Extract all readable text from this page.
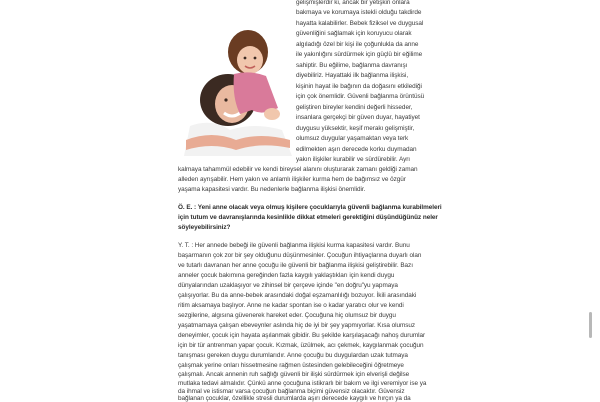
gelişmişlerdir ki, ancak bir yetişkin onlara
bakmaya ve korumaya istekli olduğu takdirde
hayatta kalabilirler. Bebek fiziksel ve duygusal
güvenliğini sağlamak için koruyucu olarak
algıladığı özel bir kişi ile çoğunlukla da anne
ile yakınlığını sürdürmek için güçlü bir eğilime
sahiptir. Bu eğilime, bağlanma davranışı
diyebiliriz. Hayattaki ilk bağlanma ilişkisi,
kişinin hayat ile bağının da doğasını etkilediği
için çok önemlidir. Güvenli bağlanma örüntüsü
geliştiren bireyler kendini değerli hisseder,
insanlara gerçekçi bir güven duyar, hayatiyet
duygusu yüksektir, keşif merakı gelişmiştir,
olumsuz duygular yaşamaktan veya terk
edilmekten aşırı derecede korku duymadan
yakın ilişkiler kurabilir ve sürdürebilir. Ayrı
kalmaya tahammül edebilir ve kendi bireysel alanını oluşturarak zamanı geldiği zaman
alleden ayrışabilir. Hem yakın ve anlamlı ilişkiler kurma hem de bağımsız ve özgür
yaşama kapasitesi vardır. Bu nedenlerle bağlanma ilişkisi önemlidir.
Ö. E. : Yeni anne olacak veya olmuş kişilere çocuklarıyla güvenli bağlanma kurabilmeleri
için tutum ve davranışlarında kesinlikle dikkat etmeleri gerektiğini düşündüğünüz neler
söyleyebilirsiniz?
Y. T. : Her annede bebeği ile güvenli bağlanma ilişkisi kurma kapasitesi vardır. Bunu
başarmanın çok zor bir şey olduğunu düşünmesinler. Çocuğun ihtiyaçlarına duyarlı olan
ve tutarlı davranan her anne çocuğu ile güvenli bir bağlanma ilişkisi geliştirebilir. Bazı
anneler çocuk bakımına gereğinden fazla kaygılı yaklaştıkları için kendi duygu
dünyalarından uzaklaşıyor ve zihinsel bir çerçeve içinde "en doğru"yu yapmaya
çalışıyorlar. Bu da anne-bebek arasındaki doğal eşzamanlılığı bozuyor. İkili arasındaki
ritim aksamaya başlıyor. Anne ne kadar spontan ise o kadar yaratıcı olur ve kendi
sezgilerine, algısına güvenerek hareket eder. Çocuğuna hiç olumsuz bir duygu
yaşatmamaya çalışan ebeveynler aslında hiç de iyi bir şey yapmıyorlar. Kısa olumsuz
deneyimler, çocuk için hayata aşılanmak gibidir. Bu şekilde karşılaşacağı nahoş durumlar
için bir tür antrenman yapar çocuk. Kızmak, üzülmek, acı çekmek, kaygılanmak çocuğun
tanışması gereken duygu durumlarıdır. Anne çocuğu bu duygulardan uzak tutmaya
çalışmak yerine onları hissetmesine rağmen üstesinden gelebileceğini öğretmeye
çalışmalı. Ancak annenin ruh sağlığı güvenli bir ilişki sürdürmek için elverişli değilse
mutlaka tedavi almalıdır. Çünkü anne çocuğuna istikrarlı bir bakım ve ilgi veremiyor ise ya
da ihmal ve istismar varsa çocuğun bağlanma biçimi güvensiz olacaktır. Güvensiz
bağlanan çocuklar, özellikle stresli durumlarda aşırı derecede kaygılı ve hırçın ya da
